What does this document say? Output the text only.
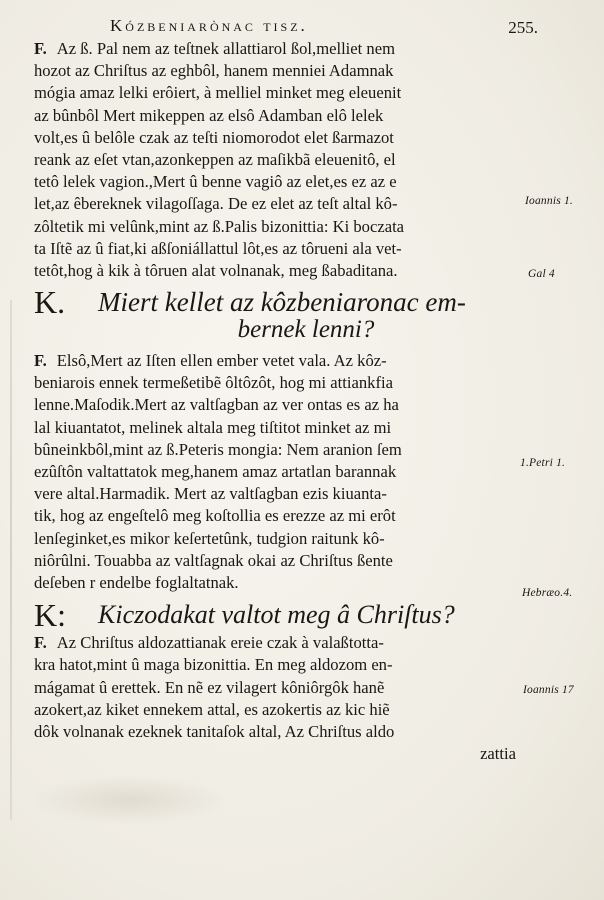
Kózbeniarònac tisz.	255.
F. Az ß. Pal nem az teſtnek allattiarol ßol,melliet nem
hozot az Chriſtus az eghbôl, hanem menniei Adamnak
mógia amaz lelki erôiert, à melliel minket meg eleuenit
az bûnbôl Mert mikeppen az elsô Adamban elô lelek
volt,es û belôle czak az teſti niomorodot elet ßarmazot
reank az eſet vtan,azonkeppen az maſikbã eleuenitô, el
tetô lelek vagion.,Mert û benne vagiô az elet,es ez az e
let,az êbereknek vilagoſſaga. De ez elet az teſt altal kô-
zôltetik mi velûnk,mint az ß.Palis bizonittia: Ki boczata
ta Iſtẽ az û fiat,ki aßſoniállattul lôt,es az tôrueni ala vet-
tetôt,hog à kik à tôruen alat volnanak, meg ßabaditana.
K.	Miert kellet az kôzbeniaronac em-
bernek lenni?
F. Elsô,Mert az Iſten ellen ember vetet vala. Az kôz-
beniarois ennek termeßetibẽ ôltôzôt, hog mi attiankfia
lenne.Maſodik.Mert az valtſagban az ver ontas es az ha
lal kiuantatot, melinek altala meg tiſtitot minket az mi
bûneinkbôl,mint az ß.Peteris mongia: Nem aranion ſem
ezûſtôn valtattatok meg,hanem amaz artatlan barannak
vere altal.Harmadik. Mert az valtſagban ezis kiuanta-
tik, hog az engeſtelô meg koſtollia es erezze az mi erôt
lenſeginket,es mikor keſertetûnk, tudgion raitunk kô-
niôrûlni. Touabba az valtſagnak okai az Chriſtus ßente
deſeben r endelbe foglaltatnak.
K:	Kiczodakat valtot meg â Chriſtus?
F. Az Chriſtus aldozattianak ereie czak à valaßtotta-
kra hatot,mint û maga bizonittia. En meg aldozom en-
mágamat û erettek. En nẽ ez vilagert kôniôrgôk hanẽ
azokert,az kiket ennekem attal, es azokertis az kic hiẽ
dôk volnanak ezeknek tanitaſok altal, Az Chriſtus aldo
zattia
Ioannis 1.
Gal 4
1.Petri 1.
Hebræo.4.
Ioannis 17
